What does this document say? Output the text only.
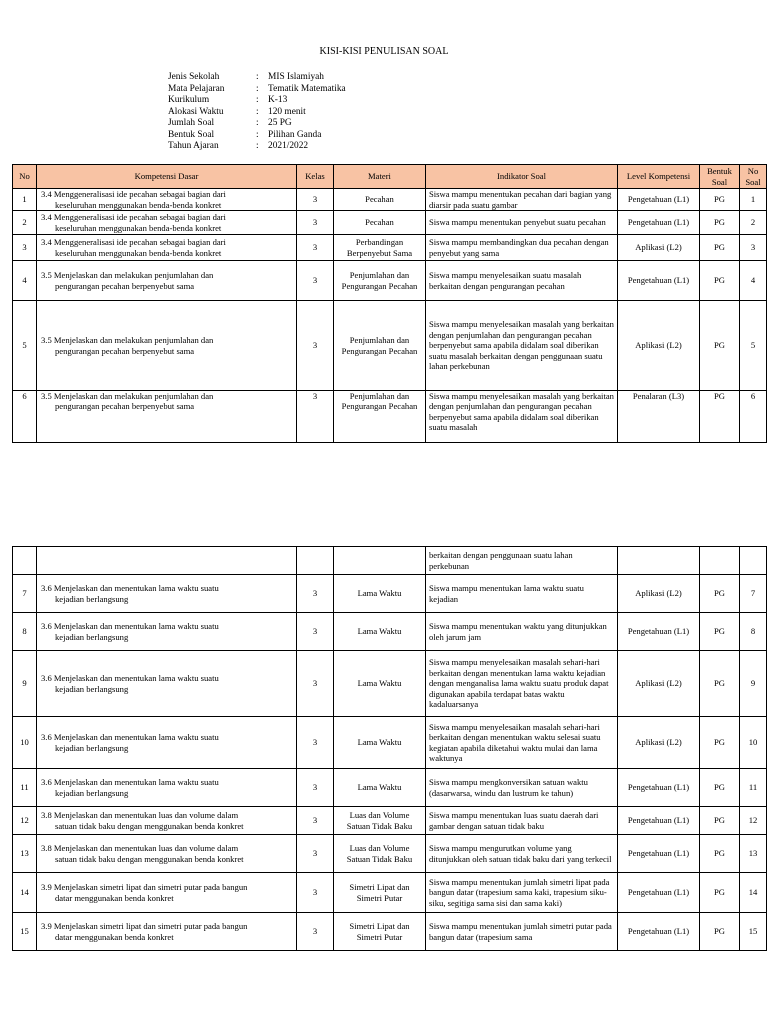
KISI-KISI PENULISAN SOAL
Jenis Sekolah	: MIS Islamiyah
Mata Pelajaran	: Tematik Matematika
Kurikulum	: K-13
Alokasi Waktu	: 120 menit
Jumlah Soal	: 25 PG
Bentuk Soal	: Pilihan Ganda
Tahun Ajaran	: 2021/2022
No	Kompetensi Dasar	Kelas	Materi	Indikator Soal	Level Kompetensi	Bentuk Soal	No Soal
1	3.4 Menggeneralisasi ide pecahan sebagai bagian dari
keseluruhan menggunakan benda-benda konkret	3	Pecahan	Siswa mampu menentukan pecahan dari bagian yang diarsir pada suatu gambar	Pengetahuan (L1)	PG	1
2	3.4 Menggeneralisasi ide pecahan sebagai bagian dari
keseluruhan menggunakan benda-benda konkret	3	Pecahan	Siswa mampu menentukan penyebut suatu pecahan	Pengetahuan (L1)	PG	2
3	3.4 Menggeneralisasi ide pecahan sebagai bagian dari
keseluruhan menggunakan benda-benda konkret	3	Perbandingan Berpenyebut Sama	Siswa mampu membandingkan dua pecahan dengan penyebut yang sama	Aplikasi (L2)	PG	3
4	3.5 Menjelaskan dan melakukan penjumlahan dan
pengurangan pecahan berpenyebut sama	3	Penjumlahan dan Pengurangan Pecahan	Siswa mampu menyelesaikan suatu masalah berkaitan dengan pengurangan pecahan	Pengetahuan (L1)	PG	4
5	3.5 Menjelaskan dan melakukan penjumlahan dan
pengurangan pecahan berpenyebut sama	3	Penjumlahan dan Pengurangan Pecahan	Siswa mampu menyelesaikan masalah yang berkaitan dengan penjumlahan dan pengurangan pecahan berpenyebut sama apabila didalam soal diberikan suatu masalah berkaitan dengan penggunaan suatu lahan perkebunan	Aplikasi (L2)	PG	5
6	3.5 Menjelaskan dan melakukan penjumlahan dan
pengurangan pecahan berpenyebut sama	3	Penjumlahan dan Pengurangan Pecahan	Siswa mampu menyelesaikan masalah yang berkaitan dengan penjumlahan dan pengurangan pecahan berpenyebut sama apabila didalam soal diberikan suatu masalah	Penalaran (L3)	PG	6
				berkaitan dengan penggunaan suatu lahan perkebunan			
7	3.6 Menjelaskan dan menentukan lama waktu suatu
kejadian berlangsung	3	Lama Waktu	Siswa mampu menentukan lama waktu suatu kejadian	Aplikasi (L2)	PG	7
8	3.6 Menjelaskan dan menentukan lama waktu suatu
kejadian berlangsung	3	Lama Waktu	Siswa mampu menentukan waktu yang ditunjukkan oleh jarum jam	Pengetahuan (L1)	PG	8
9	3.6 Menjelaskan dan menentukan lama waktu suatu
kejadian berlangsung	3	Lama Waktu	Siswa mampu menyelesaikan masalah sehari-hari berkaitan dengan menentukan lama waktu kejadian dengan menganalisa lama waktu suatu produk dapat digunakan apabila terdapat batas waktu kadaluarsanya	Aplikasi (L2)	PG	9
10	3.6 Menjelaskan dan menentukan lama waktu suatu
kejadian berlangsung	3	Lama Waktu	Siswa mampu menyelesaikan masalah sehari-hari berkaitan dengan menentukan waktu selesai suatu kegiatan apabila diketahui waktu mulai dan lama waktunya	Aplikasi (L2)	PG	10
11	3.6 Menjelaskan dan menentukan lama waktu suatu
kejadian berlangsung	3	Lama Waktu	Siswa mampu mengkonversikan satuan waktu (dasarwarsa, windu dan lustrum ke tahun)	Pengetahuan (L1)	PG	11
12	3.8 Menjelaskan dan menentukan luas dan volume dalam
satuan tidak baku dengan menggunakan benda konkret	3	Luas dan Volume Satuan Tidak Baku	Siswa mampu menentukan luas suatu daerah dari gambar dengan satuan tidak baku	Pengetahuan (L1)	PG	12
13	3.8 Menjelaskan dan menentukan luas dan volume dalam
satuan tidak baku dengan menggunakan benda konkret	3	Luas dan Volume Satuan Tidak Baku	Siswa mampu mengurutkan volume yang ditunjukkan oleh satuan tidak baku dari yang terkecil	Pengetahuan (L1)	PG	13
14	3.9 Menjelaskan simetri lipat dan simetri putar pada bangun
datar menggunakan benda konkret	3	Simetri Lipat dan Simetri Putar	Siswa mampu menentukan jumlah simetri lipat pada bangun datar (trapesium sama kaki, trapesium siku-siku, segitiga sama sisi dan sama kaki)	Pengetahuan (L1)	PG	14
15	3.9 Menjelaskan simetri lipat dan simetri putar pada bangun
datar menggunakan benda konkret	3	Simetri Lipat dan Simetri Putar	Siswa mampu menentukan jumlah simetri putar pada bangun datar (trapesium sama	Pengetahuan (L1)	PG	15
